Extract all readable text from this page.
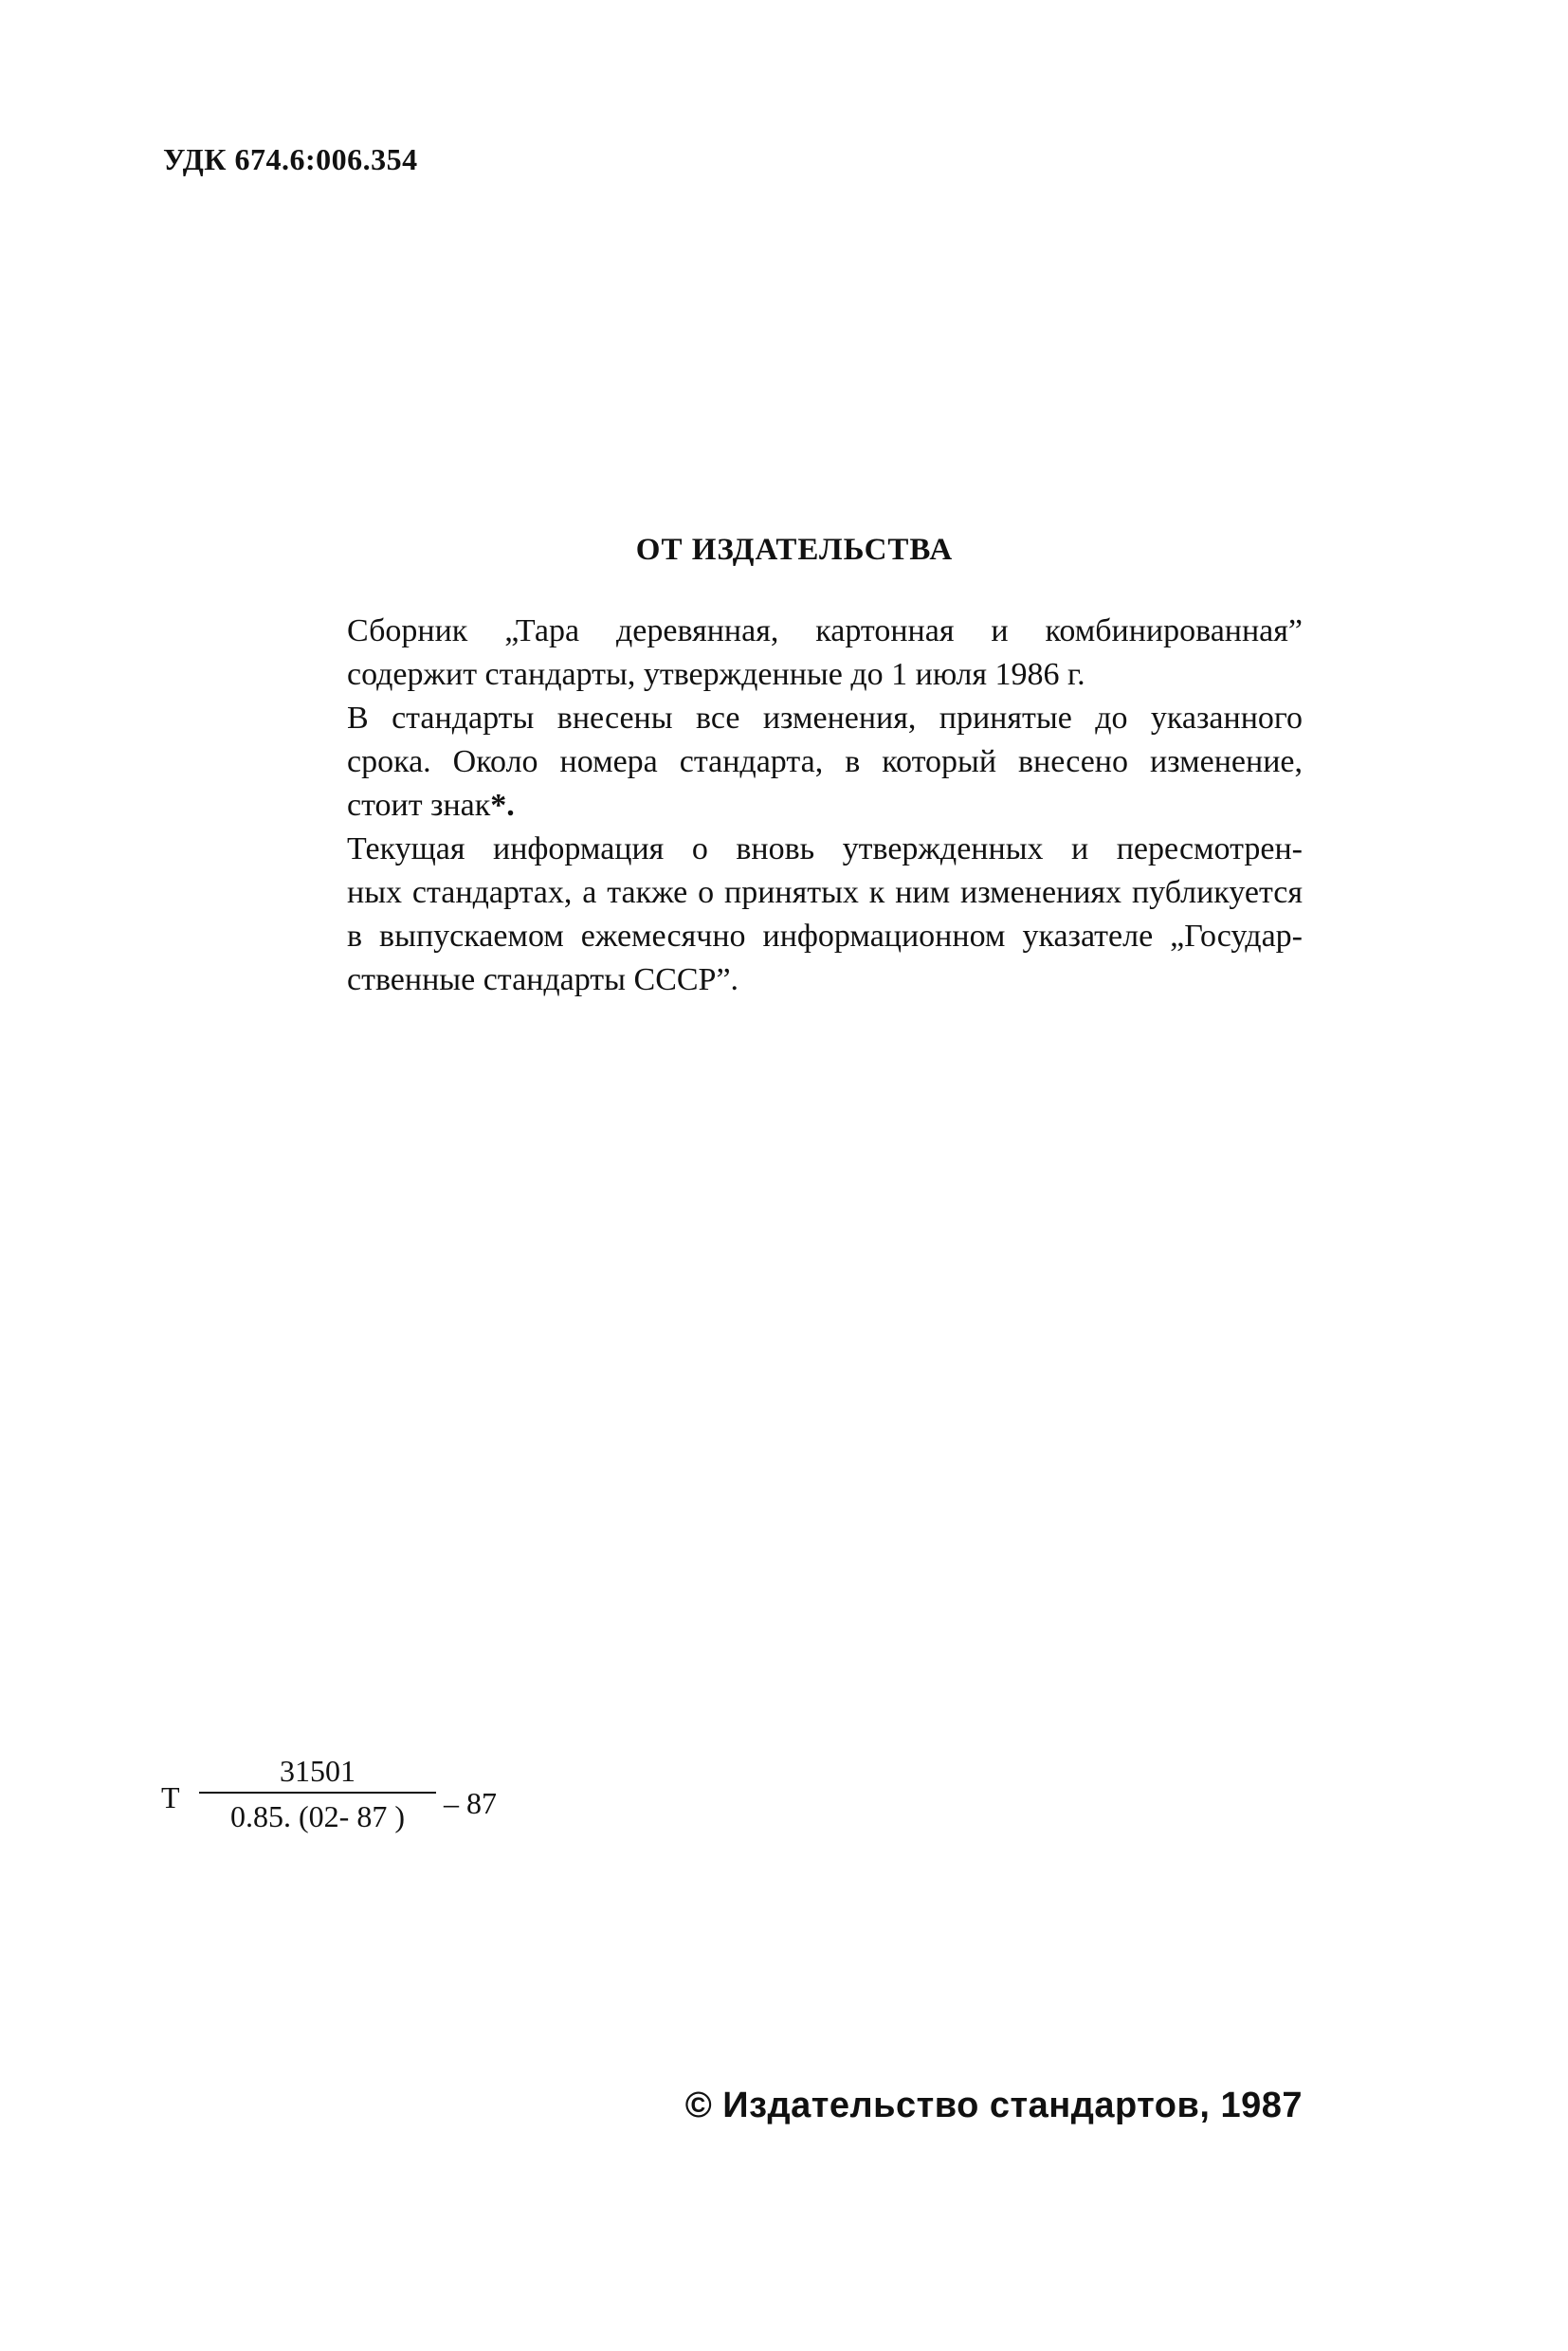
УДК 674.6:006.354
ОТ ИЗДАТЕЛЬСТВА

Сборник „Тара деревянная, картонная и комбинированная”
содержит стандарты, утвержденные до 1 июля 1986 г.

В стандарты внесены все изменения, принятые до указанного
срока. Около номера стандарта, в который внесено изменение,
стоит знак*.

Текущая информация о вновь утвержденных и пересмотрен-
ных стандартах, а также о принятых к ним изменениях публикуется
в выпускаемом ежемесячно информационном указателе „Государ-
ственные стандарты СССР”.

Т
31501
0.85. (02- 87 )	– 87
© Издательство стандартов, 1987
